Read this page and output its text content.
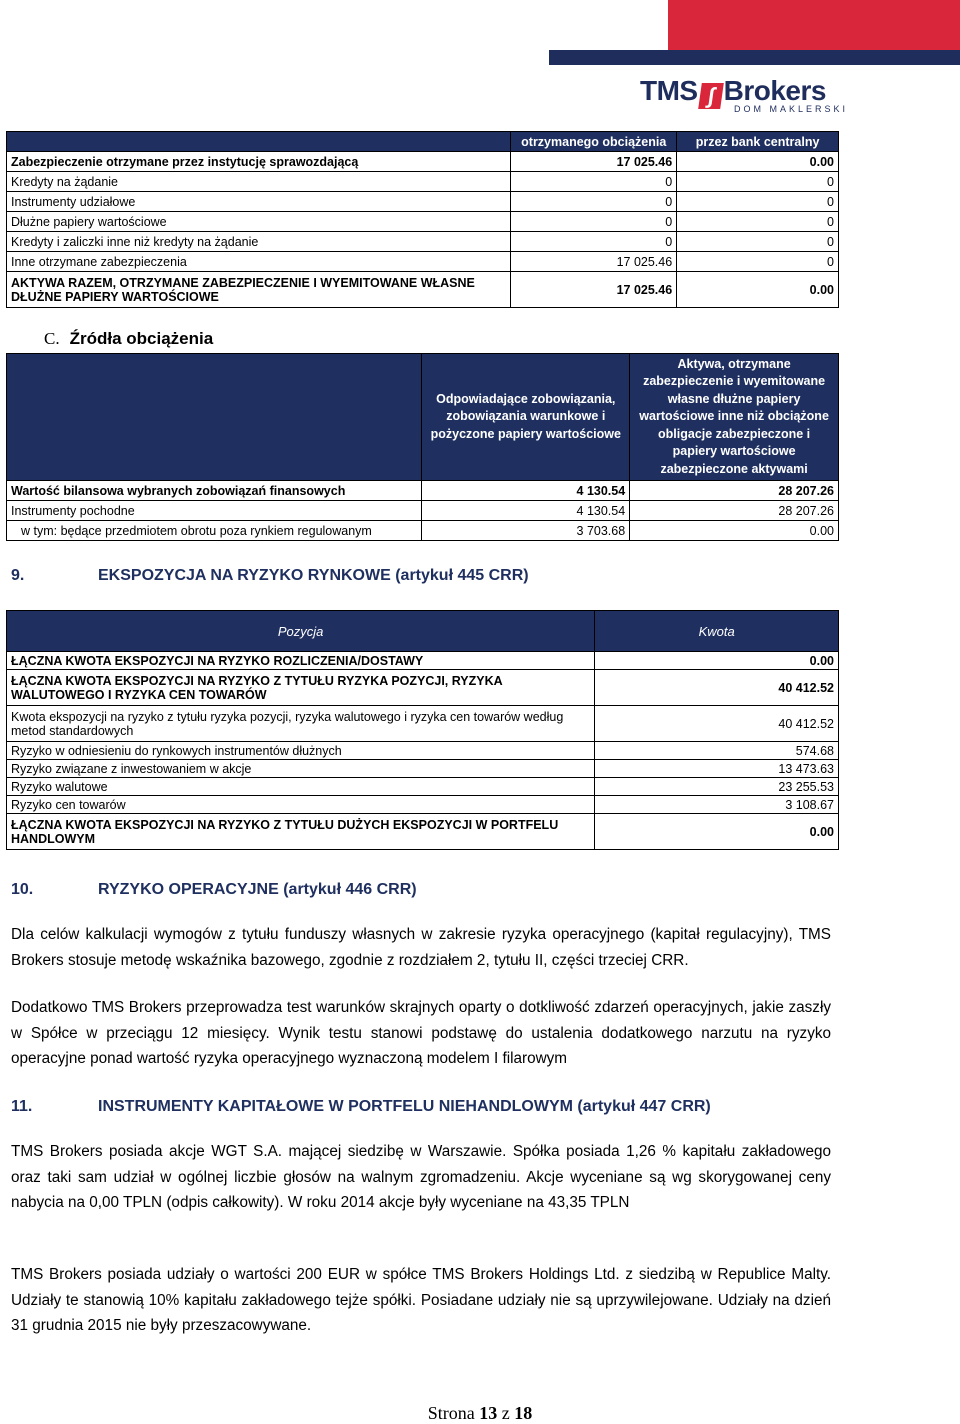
TMS ∫ Brokers
DOM MAKLERSKI
	otrzymanego obciążenia	przez bank centralny
Zabezpieczenie otrzymane przez instytucję sprawozdającą	17 025.46	0.00
Kredyty na żądanie	0	0
Instrumenty udziałowe	0	0
Dłużne papiery wartościowe	0	0
Kredyty i zaliczki inne niż kredyty na żądanie	0	0
Inne otrzymane zabezpieczenia	17 025.46	0
AKTYWA RAZEM, OTRZYMANE ZABEZPIECZENIE I WYEMITOWANE WŁASNE DŁUŻNE PAPIERY WARTOŚCIOWE	17 025.46	0.00
C. Źródła obciążenia
	Odpowiadające zobowiązania, zobowiązania warunkowe i pożyczone papiery wartościowe	Aktywa, otrzymane zabezpieczenie i wyemitowane własne dłużne papiery wartościowe inne niż obciążone obligacje zabezpieczone i papiery wartościowe zabezpieczone aktywami
Wartość bilansowa wybranych zobowiązań finansowych	4 130.54	28 207.26
Instrumenty pochodne	4 130.54	28 207.26
w tym: będące przedmiotem obrotu poza rynkiem regulowanym	3 703.68	0.00
9.	EKSPOZYCJA NA RYZYKO RYNKOWE (artykuł 445 CRR)
Pozycja	Kwota
ŁĄCZNA KWOTA EKSPOZYCJI NA RYZYKO ROZLICZENIA/DOSTAWY	0.00
ŁĄCZNA KWOTA EKSPOZYCJI NA RYZYKO Z TYTUŁU RYZYKA POZYCJI, RYZYKA WALUTOWEGO I RYZYKA CEN TOWARÓW	40 412.52
Kwota ekspozycji na ryzyko z tytułu ryzyka pozycji, ryzyka walutowego i ryzyka cen towarów według metod standardowych	40 412.52
Ryzyko w odniesieniu do rynkowych instrumentów dłużnych	574.68
Ryzyko związane z inwestowaniem w akcje	13 473.63
Ryzyko walutowe	23 255.53
Ryzyko cen towarów	3 108.67
ŁĄCZNA KWOTA EKSPOZYCJI NA RYZYKO Z TYTUŁU DUŻYCH EKSPOZYCJI W PORTFELU HANDLOWYM	0.00
10.	RYZYKO OPERACYJNE (artykuł 446 CRR)
Dla celów kalkulacji wymogów z tytułu funduszy własnych w zakresie ryzyka operacyjnego (kapitał regulacyjny), TMS Brokers stosuje metodę wskaźnika bazowego, zgodnie z rozdziałem 2, tytułu II, części trzeciej CRR.
Dodatkowo TMS Brokers przeprowadza test warunków skrajnych oparty o dotkliwość zdarzeń operacyjnych, jakie zaszły w Spółce w przeciągu 12 miesięcy. Wynik testu stanowi podstawę do ustalenia dodatkowego narzutu na ryzyko operacyjne ponad wartość ryzyka operacyjnego wyznaczoną modelem I filarowym
11.	INSTRUMENTY KAPITAŁOWE W PORTFELU NIEHANDLOWYM (artykuł 447 CRR)
TMS Brokers posiada akcje WGT S.A. mającej siedzibę w Warszawie. Spółka posiada 1,26 % kapitału zakładowego oraz taki sam udział w ogólnej liczbie głosów na walnym zgromadzeniu. Akcje wyceniane są wg skorygowanej ceny nabycia na 0,00 TPLN (odpis całkowity). W roku 2014 akcje były wyceniane na 43,35 TPLN
TMS Brokers posiada udziały o wartości 200 EUR w spółce TMS Brokers Holdings Ltd. z siedzibą w Republice Malty. Udziały te stanowią 10% kapitału zakładowego tejże spółki. Posiadane udziały nie są uprzywilejowane. Udziały na dzień 31 grudnia 2015 nie były przeszacowywane.
Strona 13 z 18
